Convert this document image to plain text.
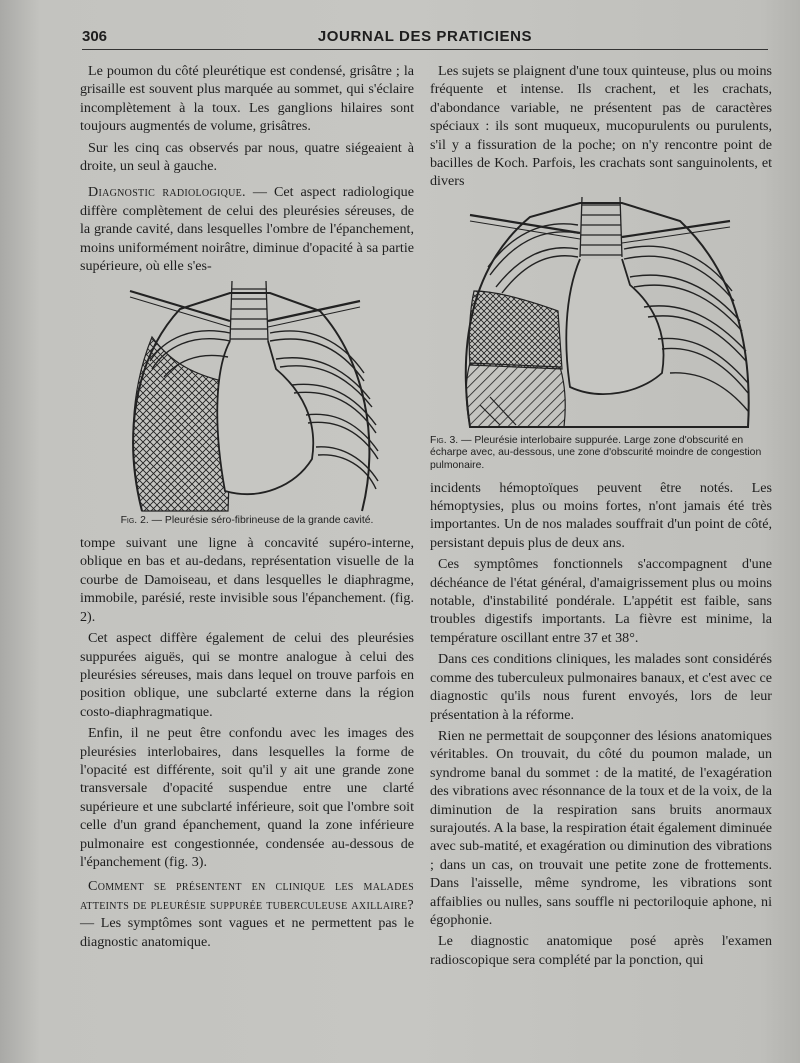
306	JOURNAL DES PRATICIENS

Le poumon du côté pleurétique est condensé, grisâtre ; la grisaille est souvent plus marquée au sommet, qui s'éclaire incomplètement à la toux. Les ganglions hilaires sont toujours augmentés de volume, grisâtres.

Sur les cinq cas observés par nous, quatre siégeaient à droite, un seul à gauche.

Diagnostic radiologique. — Cet aspect radiologique diffère complètement de celui des pleurésies séreuses, de la grande cavité, dans lesquelles l'ombre de l'épanchement, moins uniformément noirâtre, diminue d'opacité à sa partie supérieure, où elle s'es-

Fig. 2. — Pleurésie séro-fibrineuse de la grande cavité.

tompe suivant une ligne à concavité supéro-interne, oblique en bas et au-dedans, représentation visuelle de la courbe de Damoiseau, et dans lesquelles le diaphragme, immobile, parésié, reste invisible sous l'épanchement. (fig. 2).

Cet aspect diffère également de celui des pleurésies suppurées aiguës, qui se montre analogue à celui des pleurésies séreuses, mais dans lequel on trouve parfois en position oblique, une subclarté externe dans la région costo-diaphragmatique.

Enfin, il ne peut être confondu avec les images des pleurésies interlobaires, dans lesquelles la forme de l'opacité est différente, soit qu'il y ait une grande zone transversale d'opacité suspendue entre une clarté supérieure et une subclarté inférieure, soit que l'ombre soit celle d'un grand épanchement, quand la zone inférieure pulmonaire est congestionnée, condensée au-dessous de l'épanchement (fig. 3).

Comment se présentent en clinique les malades atteints de pleurésie suppurée tuberculeuse axillaire? — Les symptômes sont vagues et ne permettent pas le diagnostic anatomique.

Les sujets se plaignent d'une toux quinteuse, plus ou moins fréquente et intense. Ils crachent, et les crachats, d'abondance variable, ne présentent pas de caractères spéciaux : ils sont muqueux, mucopurulents ou purulents, s'il y a fissuration de la poche; on n'y rencontre point de bacilles de Koch. Parfois, les crachats sont sanguinolents, et divers

Fig. 3. — Pleurésie interlobaire suppurée. Large zone d'obscurité en écharpe avec, au-dessous, une zone d'obscurité moindre de congestion pulmonaire.

incidents hémoptoïques peuvent être notés. Les hémoptysies, plus ou moins fortes, n'ont jamais été très importantes. Un de nos malades souffrait d'un point de côté, persistant depuis plus de deux ans.

Ces symptômes fonctionnels s'accompagnent d'une déchéance de l'état général, d'amaigrissement plus ou moins notable, d'instabilité pondérale. L'appétit est faible, sans troubles digestifs importants. La fièvre est minime, la température oscillant entre 37 et 38°.

Dans ces conditions cliniques, les malades sont considérés comme des tuberculeux pulmonaires banaux, et c'est avec ce diagnostic qu'ils nous furent envoyés, lors de leur présentation à la réforme.

Rien ne permettait de soupçonner des lésions anatomiques véritables. On trouvait, du côté du poumon malade, un syndrome banal du sommet : de la matité, de l'exagération des vibrations avec résonnance de la toux et de la voix, de la diminution de la respiration sans bruits anormaux surajoutés. A la base, la respiration était également diminuée avec sub-matité, et exagération ou diminution des vibrations ; dans un cas, on trouvait une petite zone de frottements. Dans l'aisselle, même syndrome, les vibrations sont affaiblies ou nulles, sans souffle ni pectoriloquie aphone, ni égophonie.

Le diagnostic anatomique posé après l'examen radioscopique sera complété par la ponction, qui
